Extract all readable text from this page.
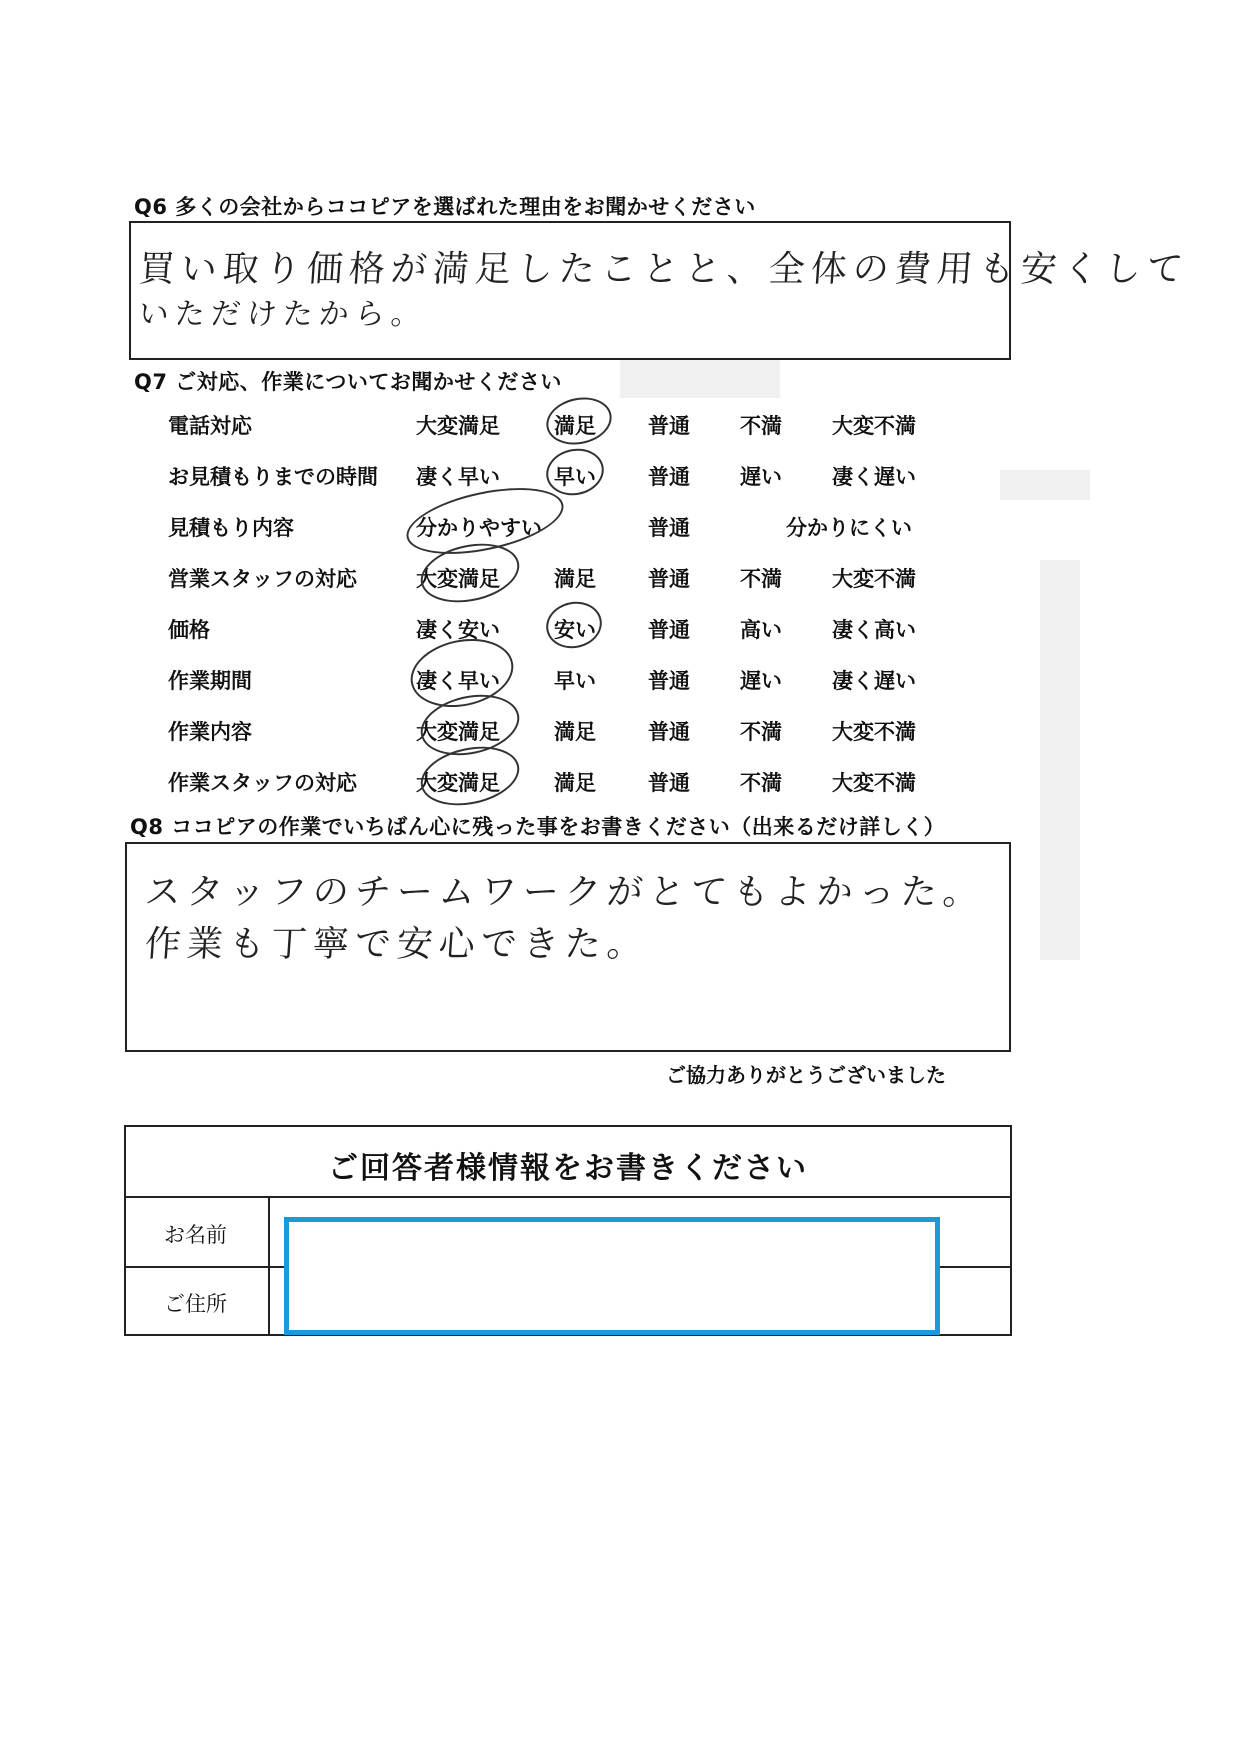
Q6 多くの会社からココピアを選ばれた理由をお聞かせください
買い取り価格が満足したことと、全体の費用も安くして
いただけたから。
Q7 ご対応、作業についてお聞かせください
電話対応	大変満足	満足 普通 不満 大変不満
お見積もりまでの時間 凄く早い	早い 普通 遅い 凄く遅い
見積もり内容	分かりやすい	普通	分かりにくい
営業スタッフの対応	大変満足	満足 普通 不満 大変不満
価格	凄く安い	安い 普通 高い 凄く高い
作業期間	凄く早い	早い 普通 遅い 凄く遅い
作業内容	大変満足	満足 普通 不満 大変不満
作業スタッフの対応	大変満足	満足 普通 不満 大変不満
Q8 ココピアの作業でいちばん心に残った事をお書きください（出来るだけ詳しく）
スタッフのチームワークがとてもよかった。
作業も丁寧で安心できた。
ご協力ありがとうございました
ご回答者様情報をお書きください
お名前
ご住所
